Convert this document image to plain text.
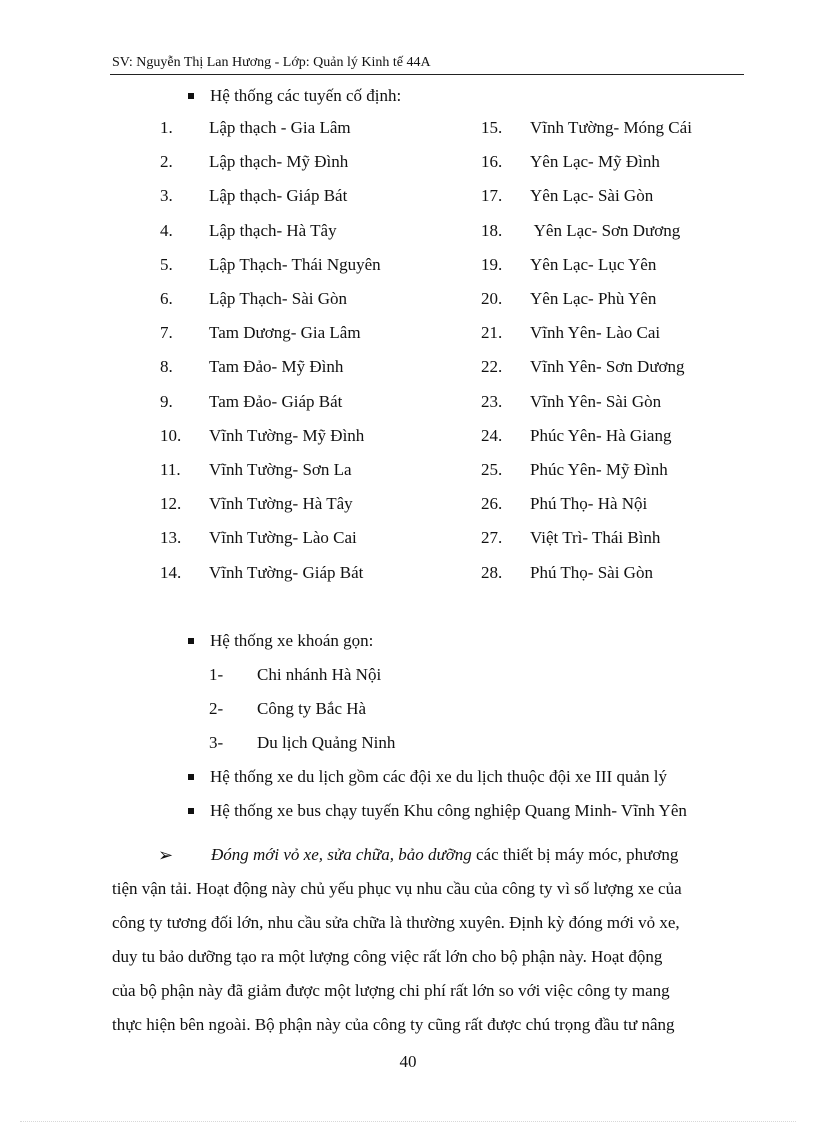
SV: Nguyễn Thị Lan Hương - Lớp: Quản lý Kinh tế 44A
Hệ thống các tuyến cố định:
1. Lập thạch - Gia Lâm
2. Lập thạch- Mỹ Đình
3. Lập thạch- Giáp Bát
4. Lập thạch- Hà Tây
5. Lập Thạch- Thái Nguyên
6. Lập Thạch- Sài Gòn
7. Tam Dương- Gia Lâm
8. Tam Đảo- Mỹ Đình
9. Tam Đảo- Giáp Bát
10. Vĩnh Tường- Mỹ Đình
11. Vĩnh Tường- Sơn La
12. Vĩnh Tường- Hà Tây
13. Vĩnh Tường- Lào Cai
14. Vĩnh Tường- Giáp Bát
15. Vĩnh Tường- Móng Cái
16. Yên Lạc- Mỹ Đình
17. Yên Lạc- Sài Gòn
18. Yên Lạc- Sơn Dương
19. Yên Lạc- Lục Yên
20. Yên Lạc- Phù Yên
21. Vĩnh Yên- Lào Cai
22. Vĩnh Yên- Sơn Dương
23. Vĩnh Yên- Sài Gòn
24. Phúc Yên- Hà Giang
25. Phúc Yên- Mỹ Đình
26. Phú Thọ- Hà Nội
27. Việt Trì- Thái Bình
28. Phú Thọ- Sài Gòn
Hệ thống xe khoán gọn:
1- Chi nhánh Hà Nội
2- Công ty Bắc Hà
3- Du lịch Quảng Ninh
Hệ thống xe du lịch gồm các đội xe du lịch thuộc đội xe III quản lý
Hệ thống xe bus chạy tuyến Khu công nghiệp Quang Minh- Vĩnh Yên
➢ Đóng mới vỏ xe, sửa chữa, bảo dưỡng các thiết bị máy móc, phương
tiện vận tải. Hoạt động này chủ yếu phục vụ nhu cầu của công ty vì số lượng xe của
công ty tương đối lớn, nhu cầu sửa chữa là thường xuyên. Định kỳ đóng mới vỏ xe,
duy tu bảo dưỡng tạo ra một lượng công việc rất lớn cho bộ phận này. Hoạt động
của bộ phận này đã giảm được một lượng chi phí rất lớn so với việc công ty mang
thực hiện bên ngoài. Bộ phận này của công ty cũng rất được chú trọng đầu tư nâng
40
